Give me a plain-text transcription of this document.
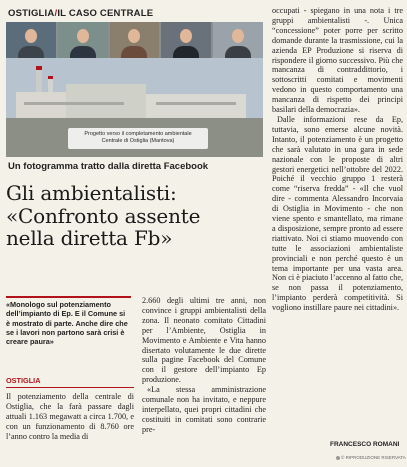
OSTIGLIA/IL CASO CENTRALE
Progetto verso il completamento ambientale
Centrale di Ostiglia (Mantova)
Un fotogramma tratto dalla diretta Facebook
Gli ambientalisti:
«Confronto assente
nella diretta Fb»
«Monologo sul potenziamento dell’impianto di Ep. E il Comune si è mostrato di parte. Anche dire che se i lavori non partono sarà crisi è creare paura»
OSTIGLIA

Il potenziamento della centrale di Ostiglia, che la farà passare dagli attuali 1.163 megawatt a circa 1.700, e con un funzionamento di 8.760 ore l’anno contro la media di

2.660 degli ultimi tre anni, non convince i gruppi ambientalisti della zona. Il neonato comitato Cittadini per l’Ambiente, Ostiglia in Movimento e Ambiente e Vita hanno disertato volutamente le due dirette sulla pagine Facebook del Comune con il gestore dell’impianto Ep produzione.

«La stessa amministrazione comunale non ha invitato, e neppure interpellato, quei propri cittadini che costituiti in comitati sono contrarie pre-

occupati - spiegano in una nota i tre gruppi ambientalisti -. Unica “concessione” poter porre per scritto domande durante la trasmissione, cui la azienda EP Produzione si riserva di rispondere il giorno successivo. Più che mancanza di contraddittorio, i sottoscritti comitati e movimenti vedono in questo comportamento una mancanza di rispetto dei principi basilari della democrazia».

Dalle informazioni rese da Ep, tuttavia, sono emerse alcune novità. Intanto, il potenziamento è un progetto che sarà valutato in una gara in sede nazionale con le proposte di altri gestori energetici nell’ottobre del 2022. Poiché il vecchio gruppo 1 resterà come “riserva fredda” - «Il che vuol dire - commenta Alessandro Incorvaia di Ostiglia in Movimento - che non viene spento e smantellato, ma rimane a disposizione, sempre pronto ad essere riattivato. Noi ci stiamo muovendo con tutte le associazioni ambientaliste provinciali e non perché questo è un tema importante per una vasta area. Non ci è piaciuto l’accenno al fatto che, se non passa il potenziamento, l’impianto perderà competitività. Si vogliono instillare paure nei cittadini».

FRANCESCO ROMANI
© RIPRODUZIONE RISERVATA
